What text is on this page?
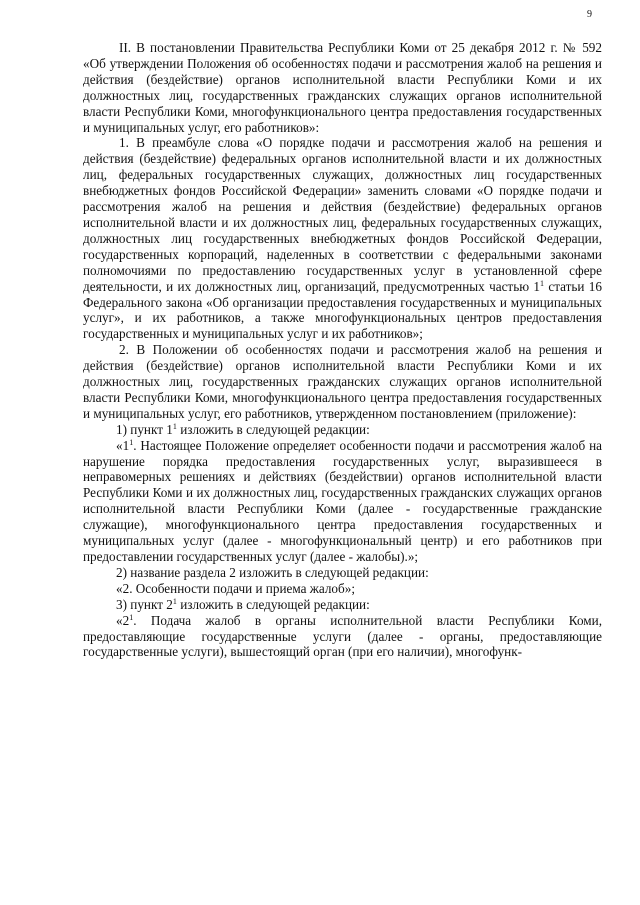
9

II. В постановлении Правительства Республики Коми от 25 декабря 2012 г. № 592 «Об утверждении Положения об особенностях подачи и рассмотрения жалоб на решения и действия (бездействие) органов исполнительной власти Республики Коми и их должностных лиц, государственных гражданских служащих органов исполнительной власти Республики Коми, многофункционального центра предоставления государственных и муниципальных услуг, его работников»:

1. В преамбуле слова «О порядке подачи и рассмотрения жалоб на решения и действия (бездействие) федеральных органов исполнительной власти и их должностных лиц, федеральных государственных служащих, должностных лиц государственных внебюджетных фондов Российской Федерации» заменить словами «О порядке подачи и рассмотрения жалоб на решения и действия (бездействие) федеральных органов исполнительной власти и их должностных лиц, федеральных государственных служащих, должностных лиц государственных внебюджетных фондов Российской Федерации, государственных корпораций, наделенных в соответствии с федеральными законами полномочиями по предоставлению государственных услуг в установленной сфере деятельности, и их должностных лиц, организаций, предусмотренных частью $1^1$ статьи 16 Федерального закона «Об организации предоставления государственных и муниципальных услуг», и их работников, а также многофункциональных центров предоставления государственных и муниципальных услуг и их работников»;

2. В Положении об особенностях подачи и рассмотрения жалоб на решения и действия (бездействие) органов исполнительной власти Республики Коми и их должностных лиц, государственных гражданских служащих органов исполнительной власти Республики Коми, многофункционального центра предоставления государственных и муниципальных услуг, его работников, утвержденном постановлением (приложение):

1) пункт $1^1$ изложить в следующей редакции:

«$1^1$. Настоящее Положение определяет особенности подачи и рассмотрения жалоб на нарушение порядка предоставления государственных услуг, выразившееся в неправомерных решениях и действиях (бездействии) органов исполнительной власти Республики Коми и их должностных лиц, государственных гражданских служащих органов исполнительной власти Республики Коми (далее - государственные гражданские служащие), многофункционального центра предоставления государственных и муниципальных услуг (далее - многофункциональный центр) и его работников при предоставлении государственных услуг (далее - жалобы).»;

2) название раздела 2 изложить в следующей редакции:

«2. Особенности подачи и приема жалоб»;

3) пункт $2^1$ изложить в следующей редакции:

«$2^1$. Подача жалоб в органы исполнительной власти Республики Коми, предоставляющие государственные услуги (далее - органы, предоставляющие государственные услуги), вышестоящий орган (при его наличии), многофунк-
